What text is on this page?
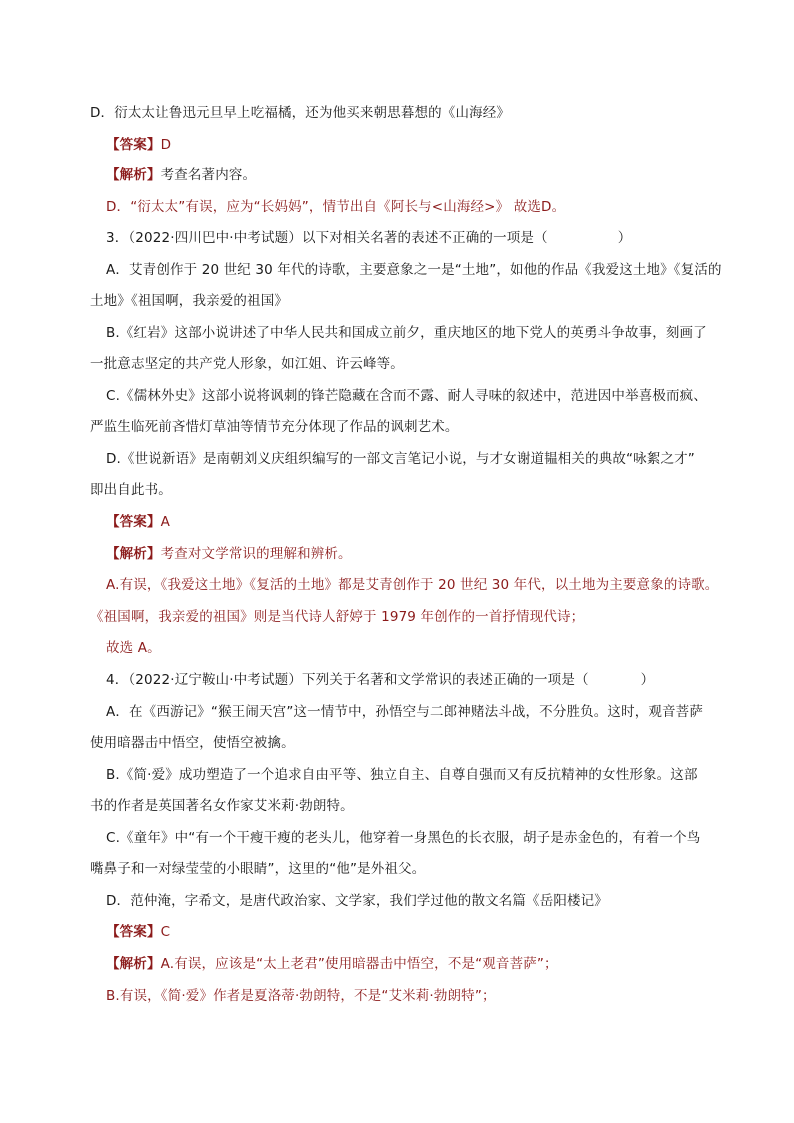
D．衍太太让鲁迅元旦早上吃福橘，还为他买来朝思暮想的《山海经》
【答案】D
【解析】考查名著内容。
D．“衍太太”有误，应为“长妈妈”，情节出自《阿长与<山海经>》 故选D。
3．（2022·四川巴中·中考试题）以下对相关名著的表述不正确的一项是（	）
A．艾青创作于 20 世纪 30 年代的诗歌，主要意象之一是“土地”，如他的作品《我爱这土地》《复活的
土地》《祖国啊，我亲爱的祖国》
B.《红岩》这部小说讲述了中华人民共和国成立前夕，重庆地区的地下党人的英勇斗争故事，刻画了
一批意志坚定的共产党人形象，如江姐、许云峰等。
C.《儒林外史》这部小说将讽刺的锋芒隐藏在含而不露、耐人寻味的叙述中，范进因中举喜极而疯、
严监生临死前吝惜灯草油等情节充分体现了作品的讽刺艺术。
D.《世说新语》是南朝刘义庆组织编写的一部文言笔记小说，与才女谢道韫相关的典故“咏絮之才”
即出自此书。
【答案】A
【解析】考查对文学常识的理解和辨析。
A.有误，《我爱这土地》《复活的土地》都是艾青创作于 20 世纪 30 年代，以土地为主要意象的诗歌。
《祖国啊，我亲爱的祖国》则是当代诗人舒婷于 1979 年创作的一首抒情现代诗；
故选 A。
4．（2022·辽宁鞍山·中考试题）下列关于名著和文学常识的表述正确的一项是（	）
A．在《西游记》“猴王闹天宫”这一情节中，孙悟空与二郎神赌法斗战，不分胜负。这时，观音菩萨
使用暗器击中悟空，使悟空被擒。
B.《简·爱》成功塑造了一个追求自由平等、独立自主、自尊自强而又有反抗精神的女性形象。这部
书的作者是英国著名女作家艾米莉·勃朗特。
C.《童年》中“有一个干瘦干瘦的老头儿，他穿着一身黑色的长衣服，胡子是赤金色的，有着一个鸟
嘴鼻子和一对绿莹莹的小眼睛”，这里的“他”是外祖父。
D．范仲淹，字希文，是唐代政治家、文学家，我们学过他的散文名篇《岳阳楼记》
【答案】C
【解析】A.有误，应该是“太上老君”使用暗器击中悟空，不是“观音菩萨”；
B.有误，《简·爱》作者是夏洛蒂·勃朗特，不是“艾米莉·勃朗特”；
